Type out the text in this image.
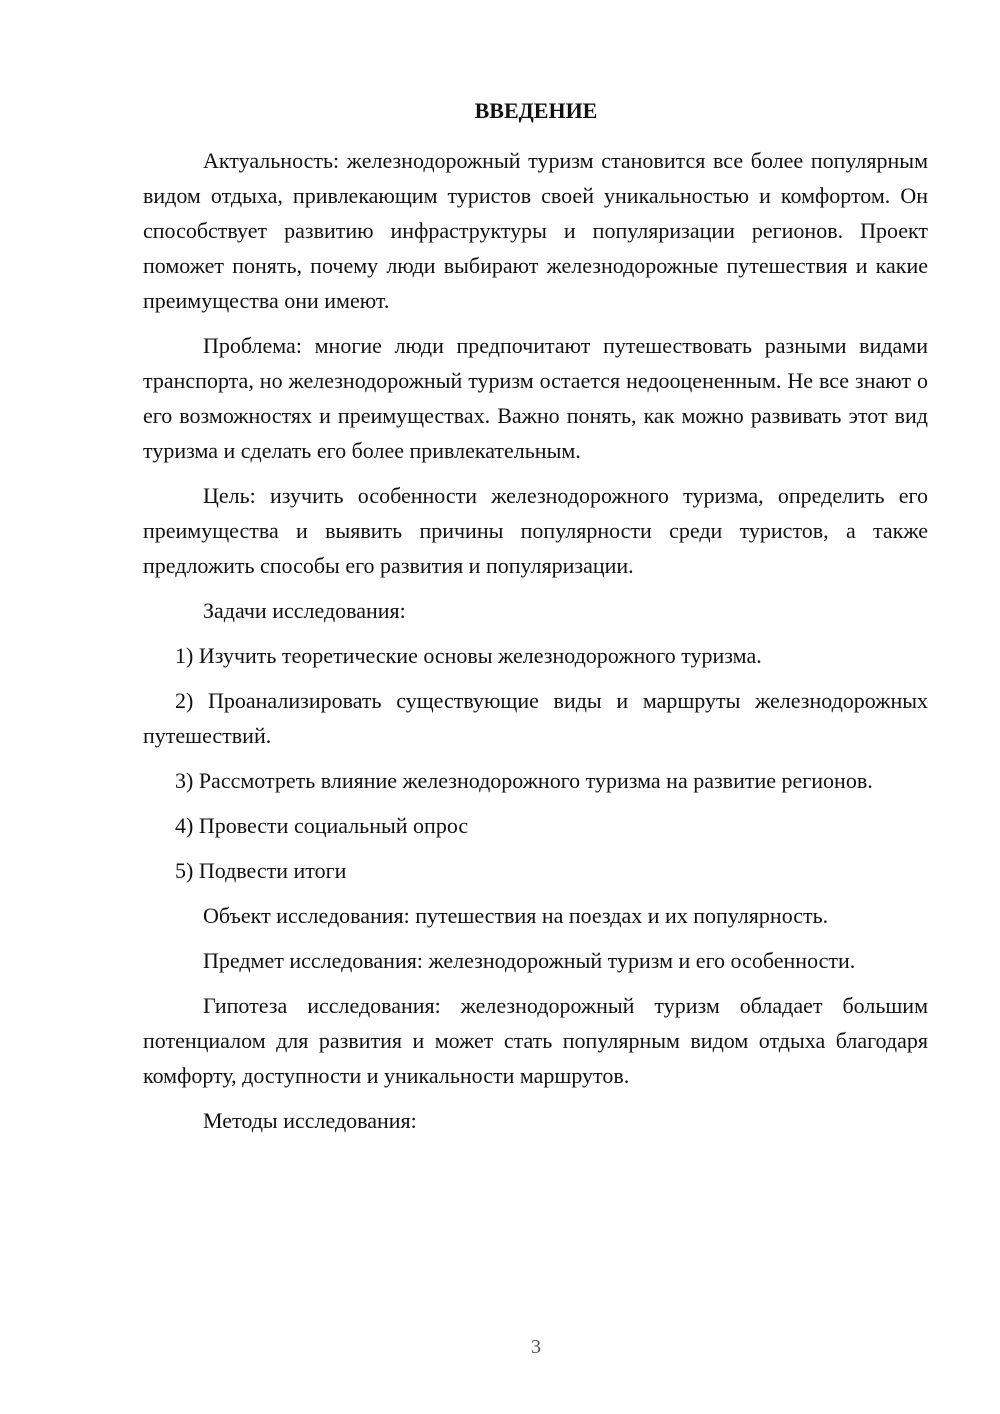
ВВЕДЕНИЕ

Актуальность: железнодорожный туризм становится все более популярным видом отдыха, привлекающим туристов своей уникальностью и комфортом. Он способствует развитию инфраструктуры и популяризации регионов. Проект поможет понять, почему люди выбирают железнодорожные путешествия и какие преимущества они имеют.

Проблема: многие люди предпочитают путешествовать разными видами транспорта, но железнодорожный туризм остается недооцененным. Не все знают о его возможностях и преимуществах. Важно понять, как можно развивать этот вид туризма и сделать его более привлекательным.

Цель: изучить особенности железнодорожного туризма, определить его преимущества и выявить причины популярности среди туристов, а также предложить способы его развития и популяризации.

Задачи исследования:

1) Изучить теоретические основы железнодорожного туризма.

2) Проанализировать существующие виды и маршруты железнодорожных путешествий.

3) Рассмотреть влияние железнодорожного туризма на развитие регионов.

4) Провести социальный опрос

5) Подвести итоги

Объект исследования: путешествия на поездах и их популярность.

Предмет исследования: железнодорожный туризм и его особенности.

Гипотеза исследования: железнодорожный туризм обладает большим потенциалом для развития и может стать популярным видом отдыха благодаря комфорту, доступности и уникальности маршрутов.

Методы исследования:

3
